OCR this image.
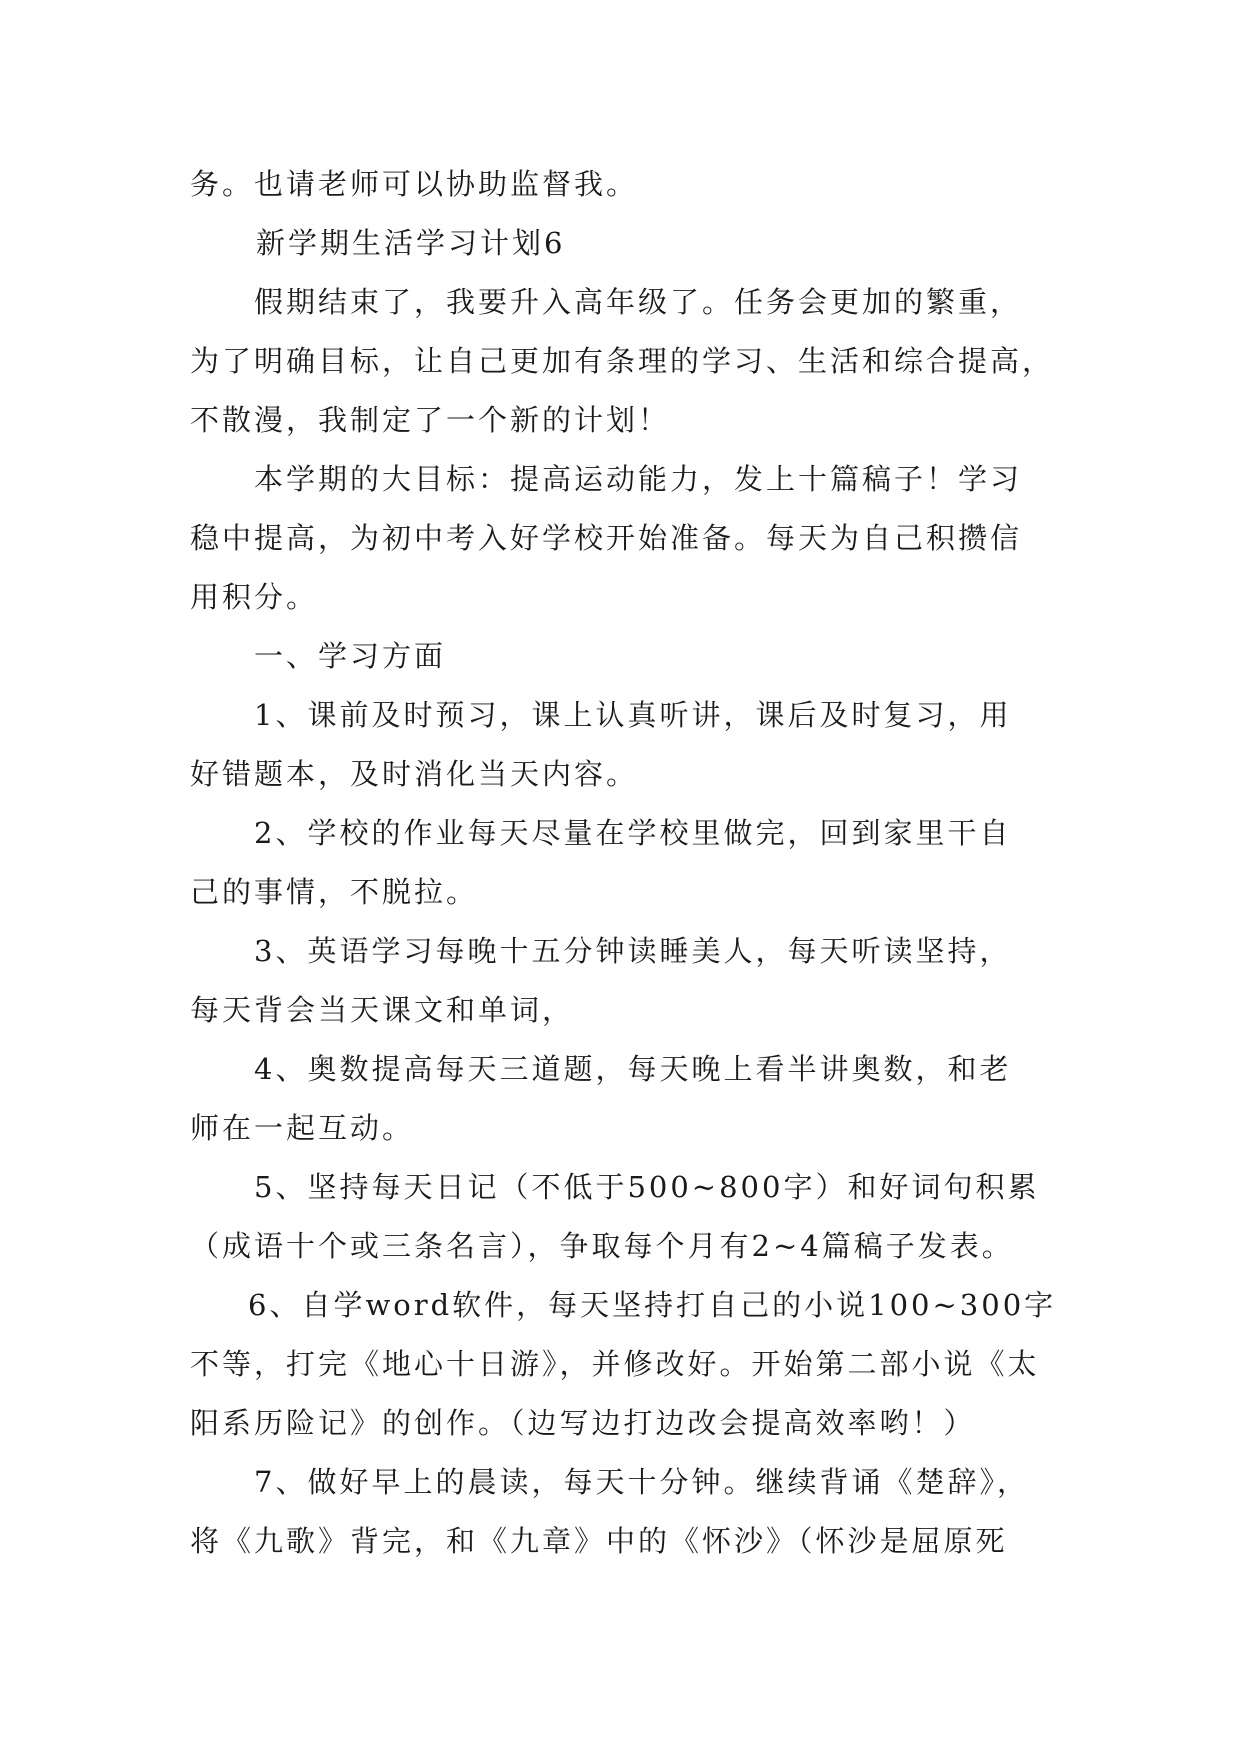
务。也请老师可以协助监督我。
新学期生活学习计划6
假期结束了，我要升入高年级了。任务会更加的繁重，
为了明确目标，让自己更加有条理的学习、生活和综合提高，
不散漫，我制定了一个新的计划！
本学期的大目标：提高运动能力，发上十篇稿子！学习
稳中提高，为初中考入好学校开始准备。每天为自己积攒信
用积分。
一、学习方面
1、课前及时预习，课上认真听讲，课后及时复习，用
好错题本，及时消化当天内容。
2、学校的作业每天尽量在学校里做完，回到家里干自
己的事情，不脱拉。
3、英语学习每晚十五分钟读睡美人，每天听读坚持，
每天背会当天课文和单词，
4、奥数提高每天三道题，每天晚上看半讲奥数，和老
师在一起互动。
5、坚持每天日记（不低于500~800字）和好词句积累
（成语十个或三条名言），争取每个月有2~4篇稿子发表。
6、自学word软件，每天坚持打自己的小说100~300字
不等，打完《地心十日游》，并修改好。开始第二部小说《太
阳系历险记》的创作。（边写边打边改会提高效率哟！）
7、做好早上的晨读，每天十分钟。继续背诵《楚辞》，
将《九歌》背完，和《九章》中的《怀沙》（怀沙是屈原死
